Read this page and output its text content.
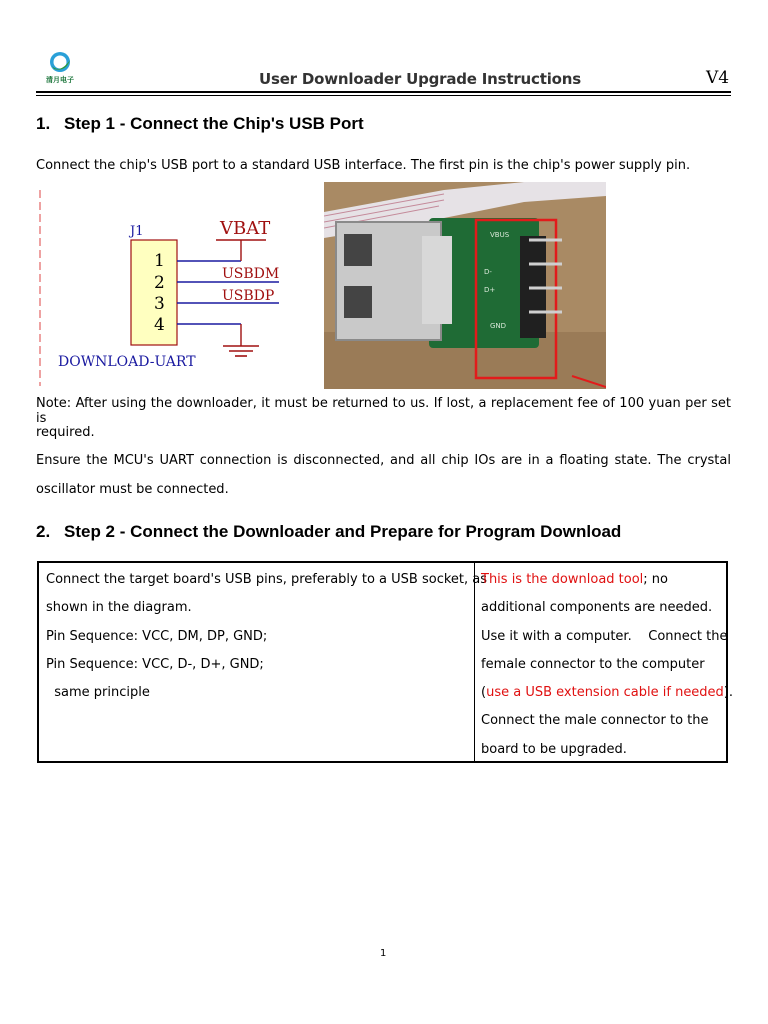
清月电子	User Downloader Upgrade Instructions	V4
1. Step 1 - Connect the Chip's USB Port
Connect the chip's USB port to a standard USB interface. The first pin is the chip's power supply pin.
J1
1
2
3
4
VBAT
USBDM
USBDP
DOWNLOAD-UART
VBUS
D-
D+
GND
Note: After using the downloader, it must be returned to us. If lost, a replacement fee of 100 yuan per set is
required.
Ensure the MCU's UART connection is disconnected, and all chip IOs are in a floating state. The crystal
oscillator must be connected.
2. Step 2 - Connect the Downloader and Prepare for Program Download
Connect the target board's USB pins, preferably to a USB socket, as
shown in the diagram.
Pin Sequence: VCC, DM, DP, GND;
Pin Sequence: VCC, D-, D+, GND;
same principle
This is the download tool; no
additional components are needed.
Use it with a computer.    Connect the
female connector to the computer
(use a USB extension cable if needed).
Connect the male connector to the
board to be upgraded.
1
